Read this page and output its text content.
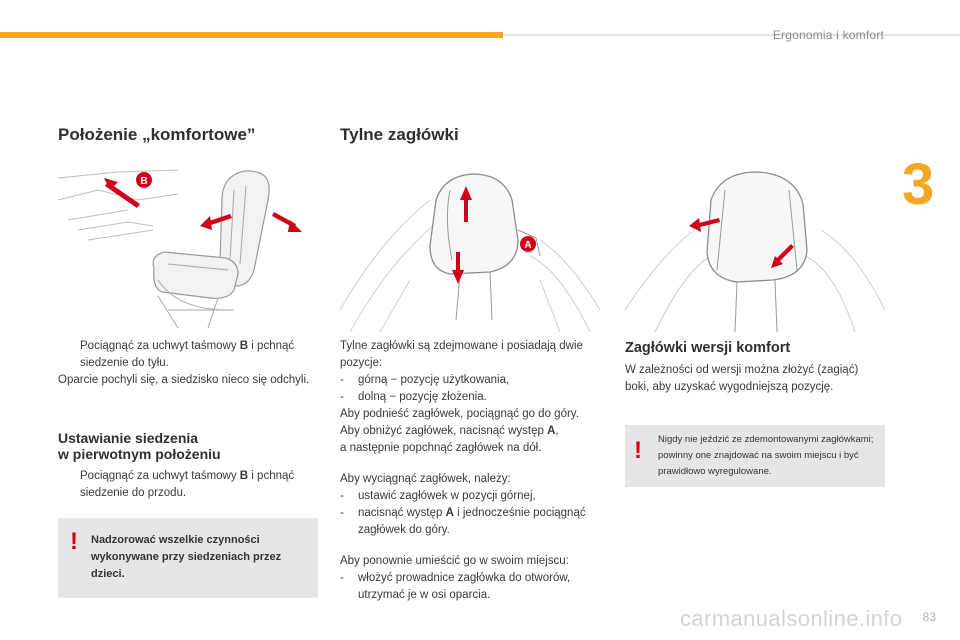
Ergonomia i komfort
3
Położenie „komfortowe”
B
Pociągnąć za uchwyt taśmowy B i pchnąć siedzenie do tyłu.
Oparcie pochyli się, a siedzisko nieco się odchyli.
Ustawianie siedzenia
w pierwotnym położeniu
Pociągnąć za uchwyt taśmowy B i pchnąć siedzenie do przodu.
! Nadzorować wszelkie czynności wykonywane przy siedzeniach przez dzieci.
Tylne zagłówki
A
Tylne zagłówki są zdejmowane i posiadają dwie pozycje:
- górną − pozycję użytkowania,
- dolną − pozycję złożenia.
Aby podnieść zagłówek, pociągnąć go do góry.
Aby obniżyć zagłówek, nacisnąć występ A,
a następnie popchnąć zagłówek na dół.
Aby wyciągnąć zagłówek, należy:
- ustawić zagłówek w pozycji górnej,
- nacisnąć występ A i jednocześnie pociągnąć zagłówek do góry.
Aby ponownie umieścić go w swoim miejscu:
- włożyć prowadnice zagłówka do otworów, utrzymać je w osi oparcia.
Zagłówki wersji komfort
W zależności od wersji można złożyć (zagiąć) boki, aby uzyskać wygodniejszą pozycję.
! Nigdy nie jeździć ze zdemontowanymi zagłówkami; powinny one znajdować na swoim miejscu i być prawidłowo wyregulowane.
carmanualsonline.info 83
